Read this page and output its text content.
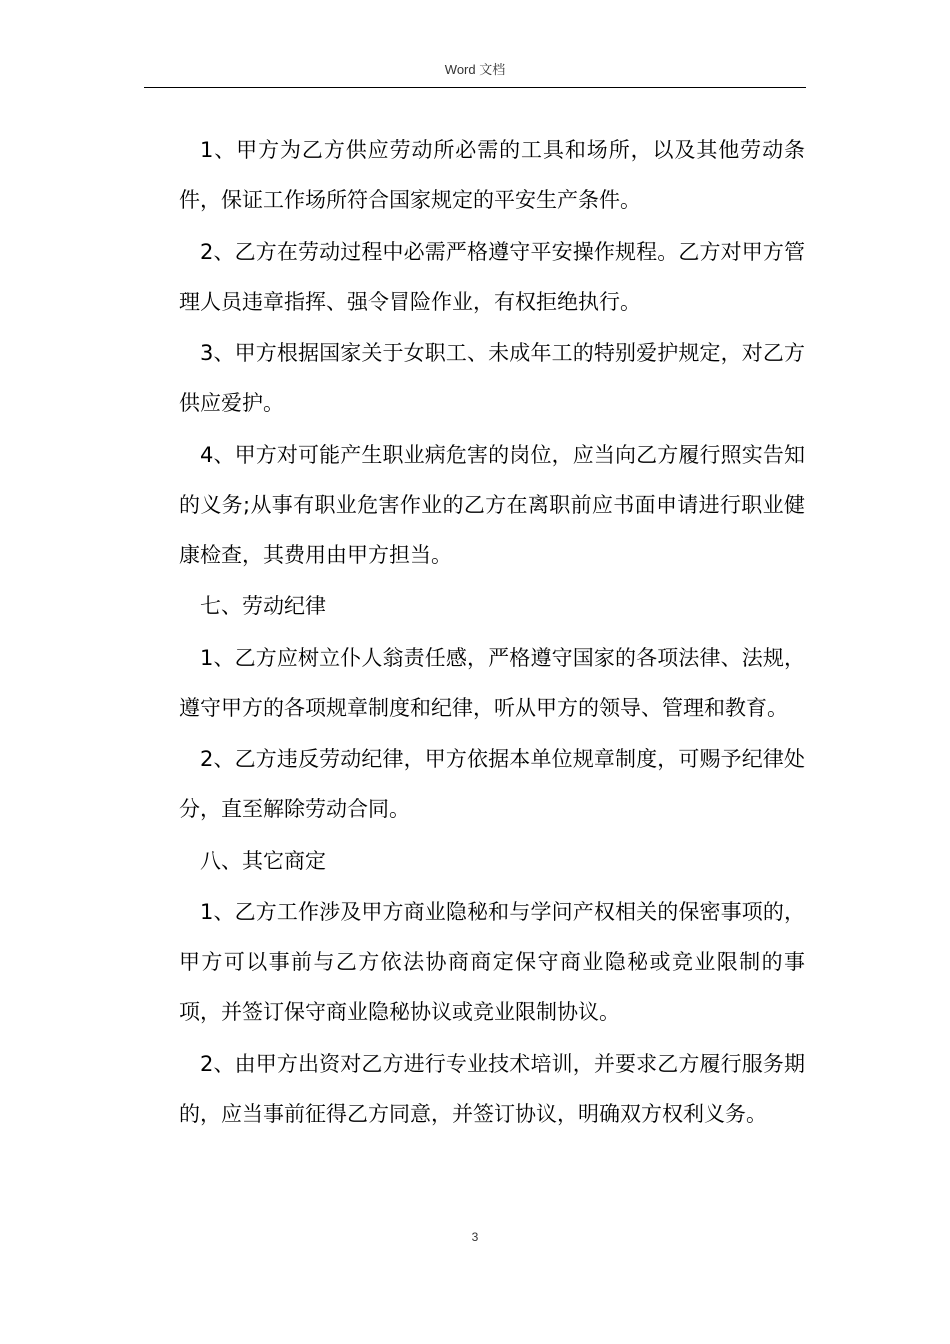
Word 文档

1、甲方为乙方供应劳动所必需的工具和场所，以及其他劳动条件，保证工作场所符合国家规定的平安生产条件。

2、乙方在劳动过程中必需严格遵守平安操作规程。乙方对甲方管理人员违章指挥、强令冒险作业，有权拒绝执行。

3、甲方根据国家关于女职工、未成年工的特别爱护规定，对乙方供应爱护。

4、甲方对可能产生职业病危害的岗位，应当向乙方履行照实告知的义务;从事有职业危害作业的乙方在离职前应书面申请进行职业健康检查，其费用由甲方担当。

七、劳动纪律

1、乙方应树立仆人翁责任感，严格遵守国家的各项法律、法规，遵守甲方的各项规章制度和纪律，听从甲方的领导、管理和教育。

2、乙方违反劳动纪律，甲方依据本单位规章制度，可赐予纪律处分，直至解除劳动合同。

八、其它商定

1、乙方工作涉及甲方商业隐秘和与学问产权相关的保密事项的，甲方可以事前与乙方依法协商商定保守商业隐秘或竞业限制的事项，并签订保守商业隐秘协议或竞业限制协议。

2、由甲方出资对乙方进行专业技术培训，并要求乙方履行服务期的，应当事前征得乙方同意，并签订协议，明确双方权利义务。

3
